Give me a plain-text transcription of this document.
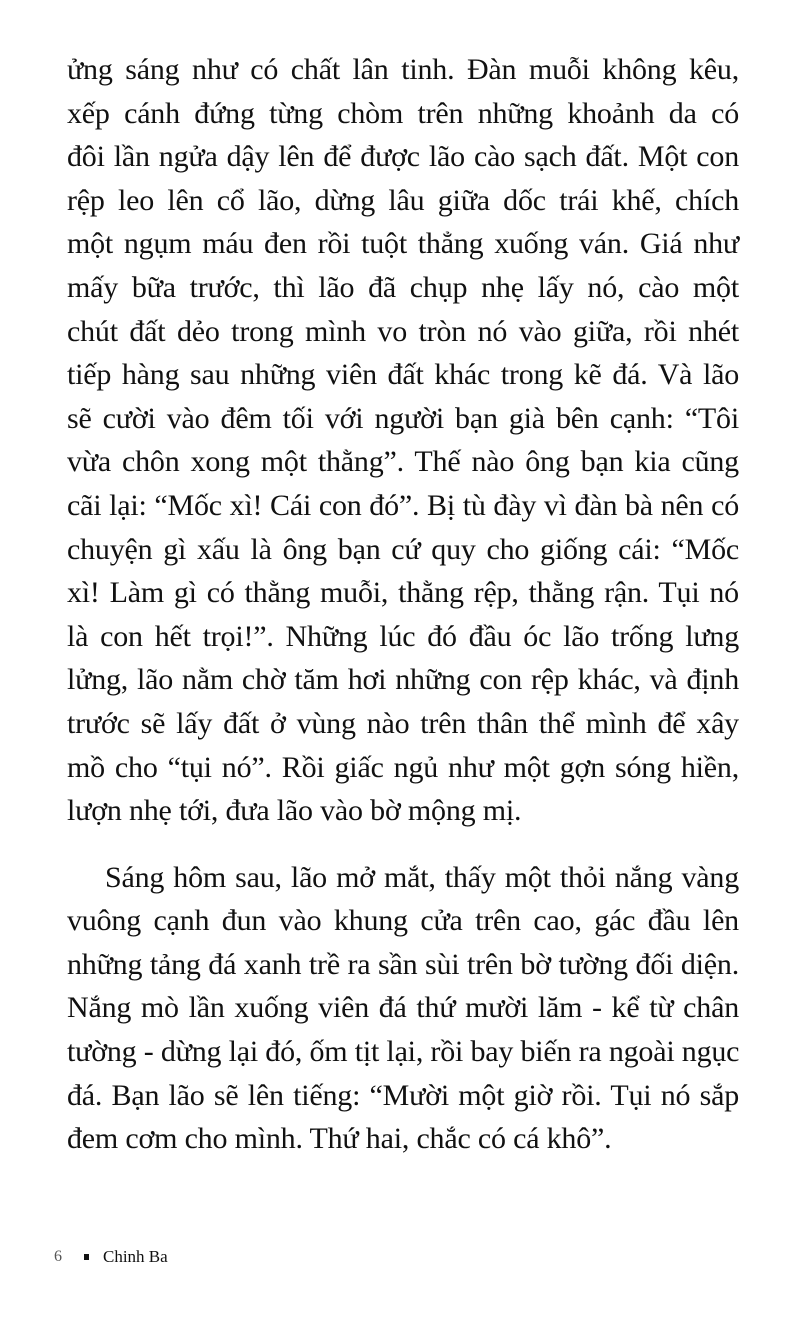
ửng sáng như có chất lân tinh. Đàn muỗi không kêu,
xếp cánh đứng từng chòm trên những khoảnh da có
đôi lần ngửa dậy lên để được lão cào sạch đất. Một con
rệp leo lên cổ lão, dừng lâu giữa dốc trái khế, chích
một ngụm máu đen rồi tuột thẳng xuống ván. Giá như
mấy bữa trước, thì lão đã chụp nhẹ lấy nó, cào một
chút đất dẻo trong mình vo tròn nó vào giữa, rồi nhét
tiếp hàng sau những viên đất khác trong kẽ đá. Và lão
sẽ cười vào đêm tối với người bạn già bên cạnh: “Tôi
vừa chôn xong một thằng”. Thế nào ông bạn kia cũng
cãi lại: “Mốc xì! Cái con đó”. Bị tù đày vì đàn bà nên có
chuyện gì xấu là ông bạn cứ quy cho giống cái: “Mốc
xì! Làm gì có thằng muỗi, thằng rệp, thằng rận. Tụi nó
là con hết trọi!”. Những lúc đó đầu óc lão trống lưng
lửng, lão nằm chờ tăm hơi những con rệp khác, và định
trước sẽ lấy đất ở vùng nào trên thân thể mình để xây
mồ cho “tụi nó”. Rồi giấc ngủ như một gợn sóng hiền,
lượn nhẹ tới, đưa lão vào bờ mộng mị.
Sáng hôm sau, lão mở mắt, thấy một thỏi nắng vàng
vuông cạnh đun vào khung cửa trên cao, gác đầu lên
những tảng đá xanh trề ra sần sùi trên bờ tường đối diện.
Nắng mò lần xuống viên đá thứ mười lăm - kể từ chân
tường - dừng lại đó, ốm tịt lại, rồi bay biến ra ngoài ngục
đá. Bạn lão sẽ lên tiếng: “Mười một giờ rồi. Tụi nó sắp
đem cơm cho mình. Thứ hai, chắc có cá khô”.
6	Chinh Ba
